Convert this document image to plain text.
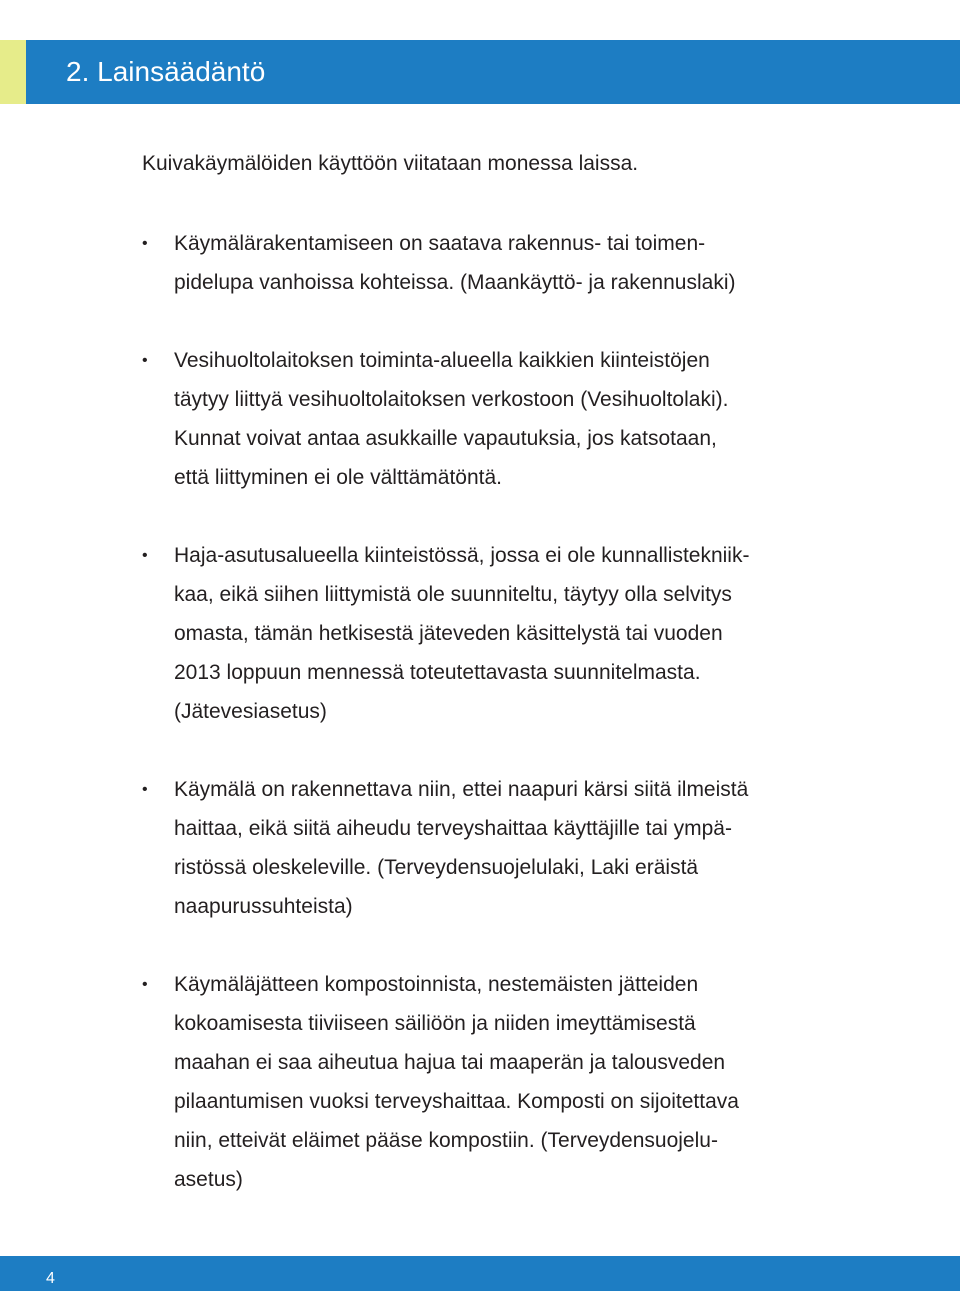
2. Lainsäädäntö

Kuivakäymälöiden käyttöön viitataan monessa laissa.

•	Käymälärakentamiseen on saatava rakennus- tai toimen-
pidelupa vanhoissa kohteissa. (Maankäyttö- ja rakennuslaki)
•	Vesihuoltolaitoksen toiminta-alueella kaikkien kiinteistöjen
täytyy liittyä vesihuoltolaitoksen verkostoon (Vesihuoltolaki).
Kunnat voivat antaa asukkaille vapautuksia, jos katsotaan,
että liittyminen ei ole välttämätöntä.
•	Haja-asutusalueella kiinteistössä, jossa ei ole kunnallistekniik-
kaa, eikä siihen liittymistä ole suunniteltu, täytyy olla selvitys
omasta, tämän hetkisestä jäteveden käsittelystä tai vuoden
2013 loppuun mennessä toteutettavasta suunnitelmasta.
(Jätevesiasetus)
•	Käymälä on rakennettava niin, ettei naapuri kärsi siitä ilmeistä
haittaa, eikä siitä aiheudu terveyshaittaa käyttäjille tai ympä-
ristössä oleskeleville. (Terveydensuojelulaki, Laki eräistä
naapurussuhteista)
•	Käymäläjätteen kompostoinnista, nestemäisten jätteiden
kokoamisesta tiiviiseen säiliöön ja niiden imeyttämisestä
maahan ei saa aiheutua hajua tai maaperän ja talousveden
pilaantumisen vuoksi terveyshaittaa. Komposti on sijoitettava
niin, etteivät eläimet pääse kompostiin. (Terveydensuojelu-
asetus)
4
